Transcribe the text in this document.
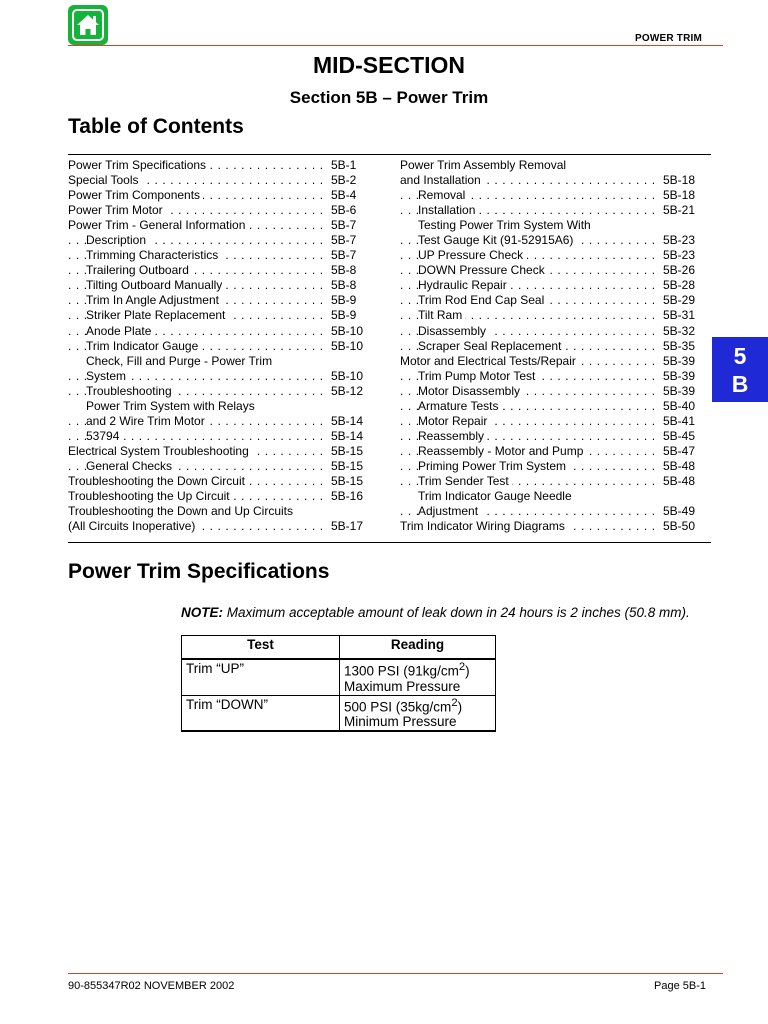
POWER TRIM
MID-SECTION
Section 5B – Power Trim
Table of Contents
. . . Power Trim Specifications	5B-1
. . . Special Tools	5B-2
. . . Power Trim Components	5B-4
. . . Power Trim Motor	5B-6
. . . Power Trim - General Information	5B-7
. . . Description	5B-7
. . . Trimming Characteristics	5B-7
. . . Trailering Outboard	5B-8
. . . Tilting Outboard Manually	5B-8
. . . Trim In Angle Adjustment	5B-9
. . . Striker Plate Replacement	5B-9
. . . Anode Plate	5B-10
. . . Trim Indicator Gauge	5B-10
Check, Fill and Purge - Power Trim
. . . System	5B-10
. . . Troubleshooting	5B-12
Power Trim System with Relays
. . . and 2 Wire Trim Motor	5B-14
. . . 53794	5B-14
. . . Electrical System Troubleshooting	5B-15
. . . General Checks	5B-15
. . . Troubleshooting the Down Circuit	5B-15
. . . Troubleshooting the Up Circuit	5B-16
Troubleshooting the Down and Up Circuits
. . . (All Circuits Inoperative)	5B-17
Power Trim Assembly Removal
. . . and Installation	5B-18
. . . Removal	5B-18
. . . Installation	5B-21
Testing Power Trim System With
. . . Test Gauge Kit (91-52915A6)	5B-23
. . . UP Pressure Check	5B-23
. . . DOWN Pressure Check	5B-26
. . . Hydraulic Repair	5B-28
. . . Trim Rod End Cap Seal	5B-29
. . . Tilt Ram	5B-31
. . . Disassembly	5B-32
. . . Scraper Seal Replacement	5B-35
. . . Motor and Electrical Tests/Repair	5B-39
. . . Trim Pump Motor Test	5B-39
. . . Motor Disassembly	5B-39
. . . Armature Tests	5B-40
. . . Motor Repair	5B-41
. . . Reassembly	5B-45
. . . Reassembly - Motor and Pump	5B-47
. . . Priming Power Trim System	5B-48
. . . Trim Sender Test	5B-48
Trim Indicator Gauge Needle
. . . Adjustment	5B-49
. . . Trim Indicator Wiring Diagrams	5B-50
5
B
Power Trim Specifications
NOTE: Maximum acceptable amount of leak down in 24 hours is 2 inches (50.8 mm).
Test	Reading
Trim “UP”	1300 PSI $(91kg/cm^2)$
Maximum Pressure

Trim “DOWN”	500 PSI $(35kg/cm^2)$
Minimum Pressure
90-855347R02 NOVEMBER 2002	Page 5B-1
